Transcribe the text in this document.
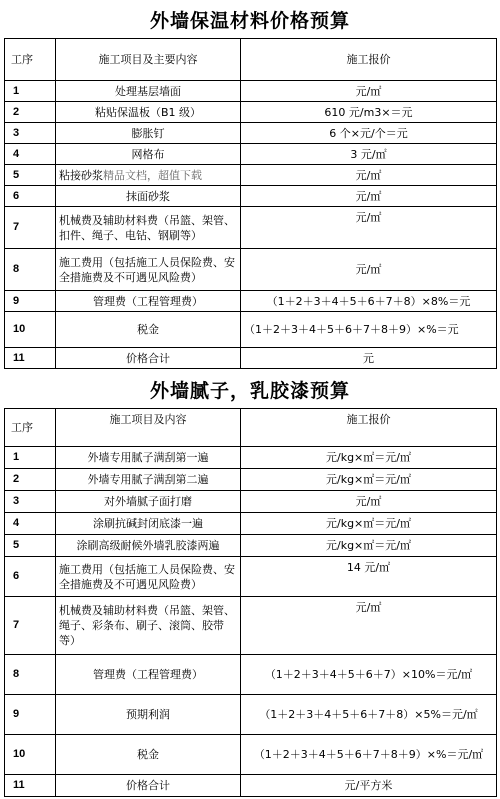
外墙保温材料价格预算
工序	施工项目及主要内容	施工报价
1	处理基层墙面	元/㎡
2	粘贴保温板（B1 级）	610 元/m3×＝元
3	膨胀钉	6 个×元/个＝元
4	网格布	3 元/㎡
5	粘接砂浆精品文档，超值下载	元/㎡
6	抹面砂浆	元/㎡
7	机械费及辅助材料费（吊篮、架管、扣件、绳子、电钻、钢刷等）	元/㎡
8	施工费用（包括施工人员保险费、安全措施费及不可遇见风险费）	元/㎡
9	管理费（工程管理费）	（1＋2＋3＋4＋5＋6＋7＋8）×8%＝元
10	税金	（1＋2＋3＋4＋5＋6＋7＋8＋9）×%＝元
11	价格合计	元
外墙腻子，乳胶漆预算
工序	施工项目及内容	施工报价
1	外墙专用腻子满刮第一遍	元/kg×㎡＝元/㎡
2	外墙专用腻子满刮第二遍	元/kg×㎡＝元/㎡
3	对外墙腻子面打磨	元/㎡
4	涂刷抗碱封闭底漆一遍	元/kg×㎡＝元/㎡
5	涂刷高级耐候外墙乳胶漆两遍	元/kg×㎡＝元/㎡
6	施工费用（包括施工人员保险费、安全措施费及不可遇见风险费）	14 元/㎡
7	机械费及辅助材料费（吊篮、架管、绳子、彩条布、刷子、滚筒、胶带等）	元/㎡
8	管理费（工程管理费）	（1＋2＋3＋4＋5＋6＋7）×10%＝元/㎡
9	预期利润	（1＋2＋3＋4＋5＋6＋7＋8）×5%＝元/㎡
10	税金	（1＋2＋3＋4＋5＋6＋7＋8＋9）×%＝元/㎡
11	价格合计	元/平方米
